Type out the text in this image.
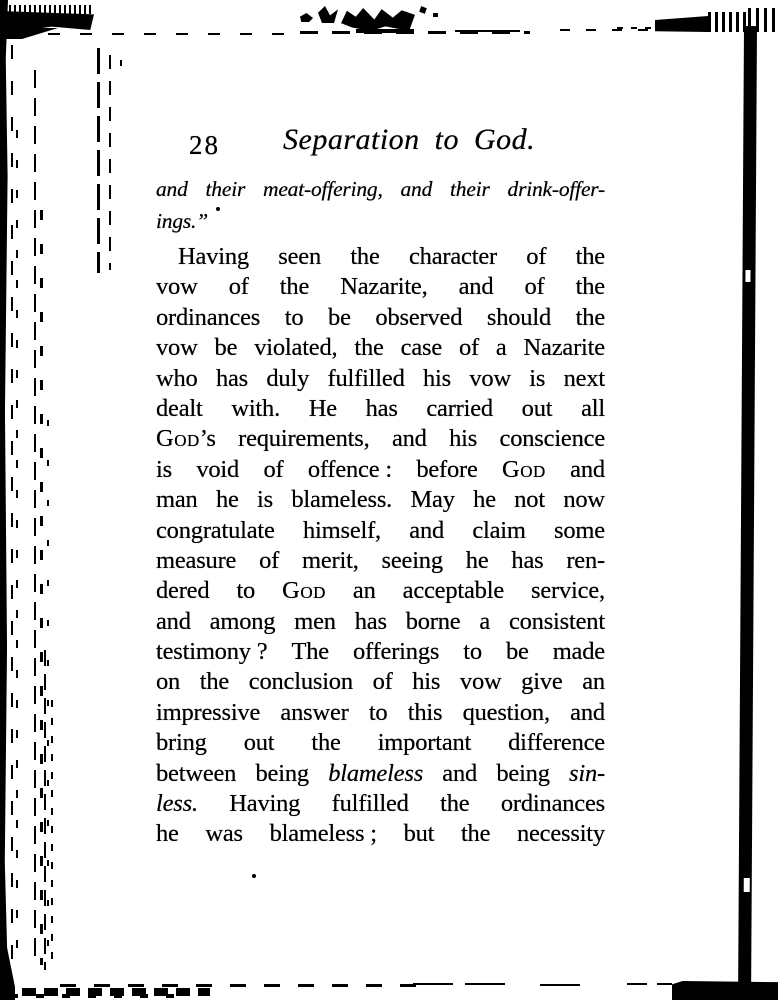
28 Separation to God.
and their meat-offering, and their drink-offer-
ings.”
Having seen the character of the
vow of the Nazarite, and of the
ordinances to be observed should the
vow be violated, the case of a Nazarite
who has duly fulfilled his vow is next
dealt with. He has carried out all
God’s requirements, and his conscience
is void of offence : before God and
man he is blameless. May he not now
congratulate himself, and claim some
measure of merit, seeing he has ren-
dered to God an acceptable service,
and among men has borne a consistent
testimony ? The offerings to be made
on the conclusion of his vow give an
impressive answer to this question, and
bring out the important difference
between being blameless and being sin-
less. Having fulfilled the ordinances
he was blameless ; but the necessity
